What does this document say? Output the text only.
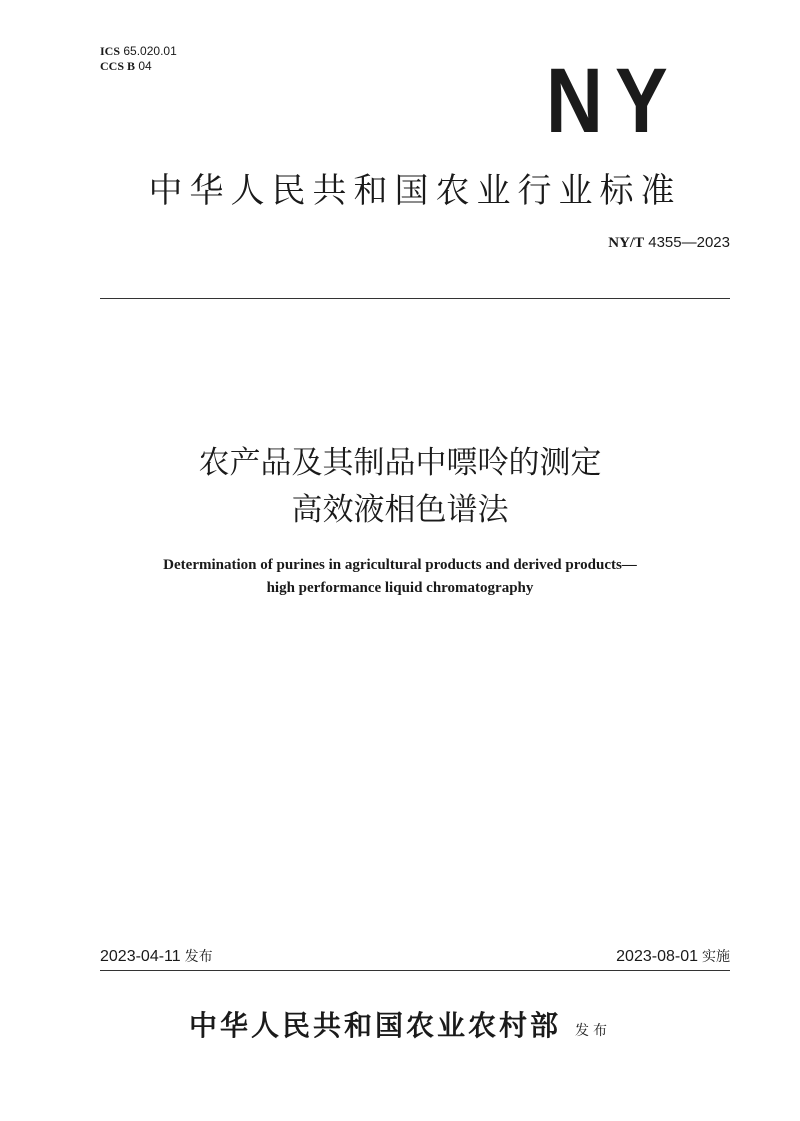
ICS 65.020.01
CCS B 04	NY
中华人民共和国农业行业标准
NY/T 4355—2023
农产品及其制品中嘌呤的测定
高效液相色谱法
Determination of purines in agricultural products and derived products—
high performance liquid chromatography
2023-04-11 发布	2023-08-01 实施
中华人民共和国农业农村部 发布
